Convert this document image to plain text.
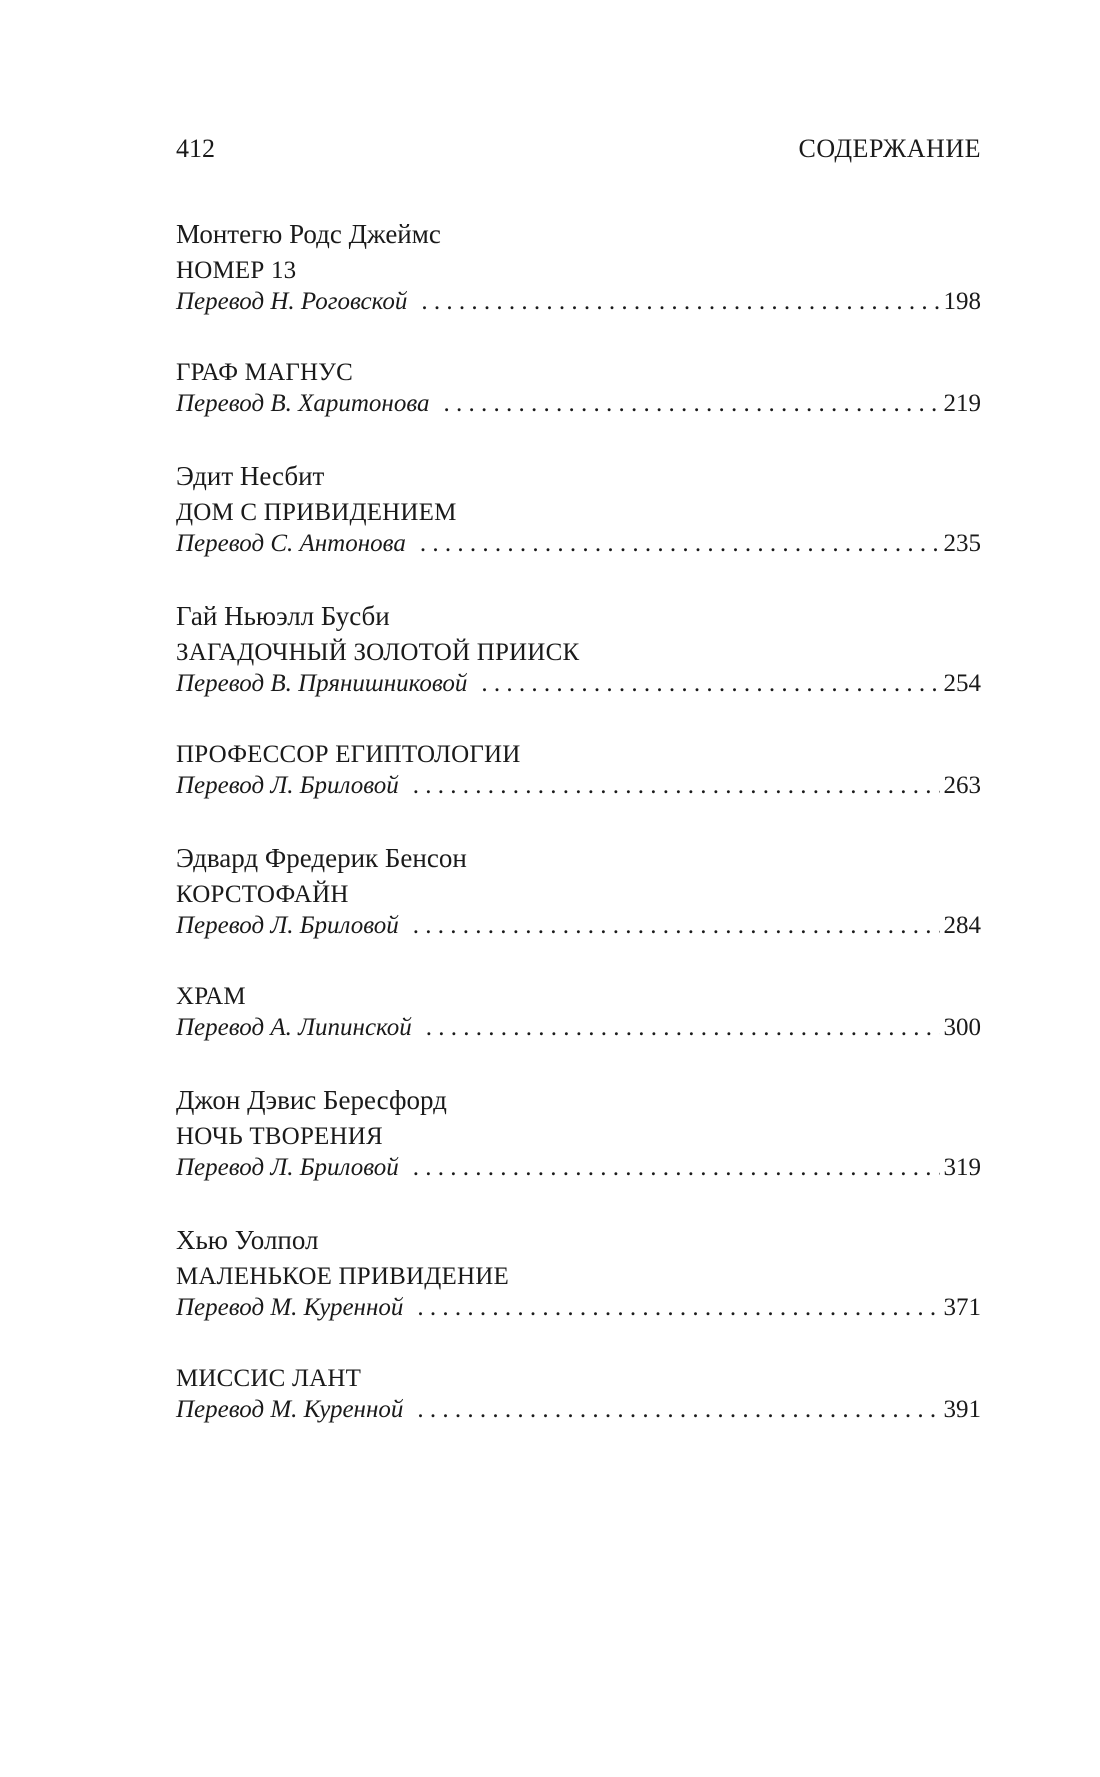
412	СОДЕРЖАНИЕ
Монтегю Родс Джеймс
НОМЕР 13
Перевод Н. Роговской . . .	198
ГРАФ МАГНУС
Перевод В. Харитонова . . .	219
Эдит Несбит
ДОМ С ПРИВИДЕНИЕМ
Перевод С. Антонова . . .	235
Гай Ньюэлл Бусби
ЗАГАДОЧНЫЙ ЗОЛОТОЙ ПРИИСК
Перевод В. Прянишниковой . . .	254
ПРОФЕССОР ЕГИПТОЛОГИИ
Перевод Л. Бриловой . . .	263
Эдвард Фредерик Бенсон
КОРСТОФАЙН
Перевод Л. Бриловой . . .	284
ХРАМ
Перевод А. Липинской . . .	300
Джон Дэвис Бересфорд
НОЧЬ ТВОРЕНИЯ
Перевод Л. Бриловой . . .	319
Хью Уолпол
МАЛЕНЬКОЕ ПРИВИДЕНИЕ
Перевод М. Куренной . . .	371
МИССИС ЛАНТ
Перевод М. Куренной . . .	391
